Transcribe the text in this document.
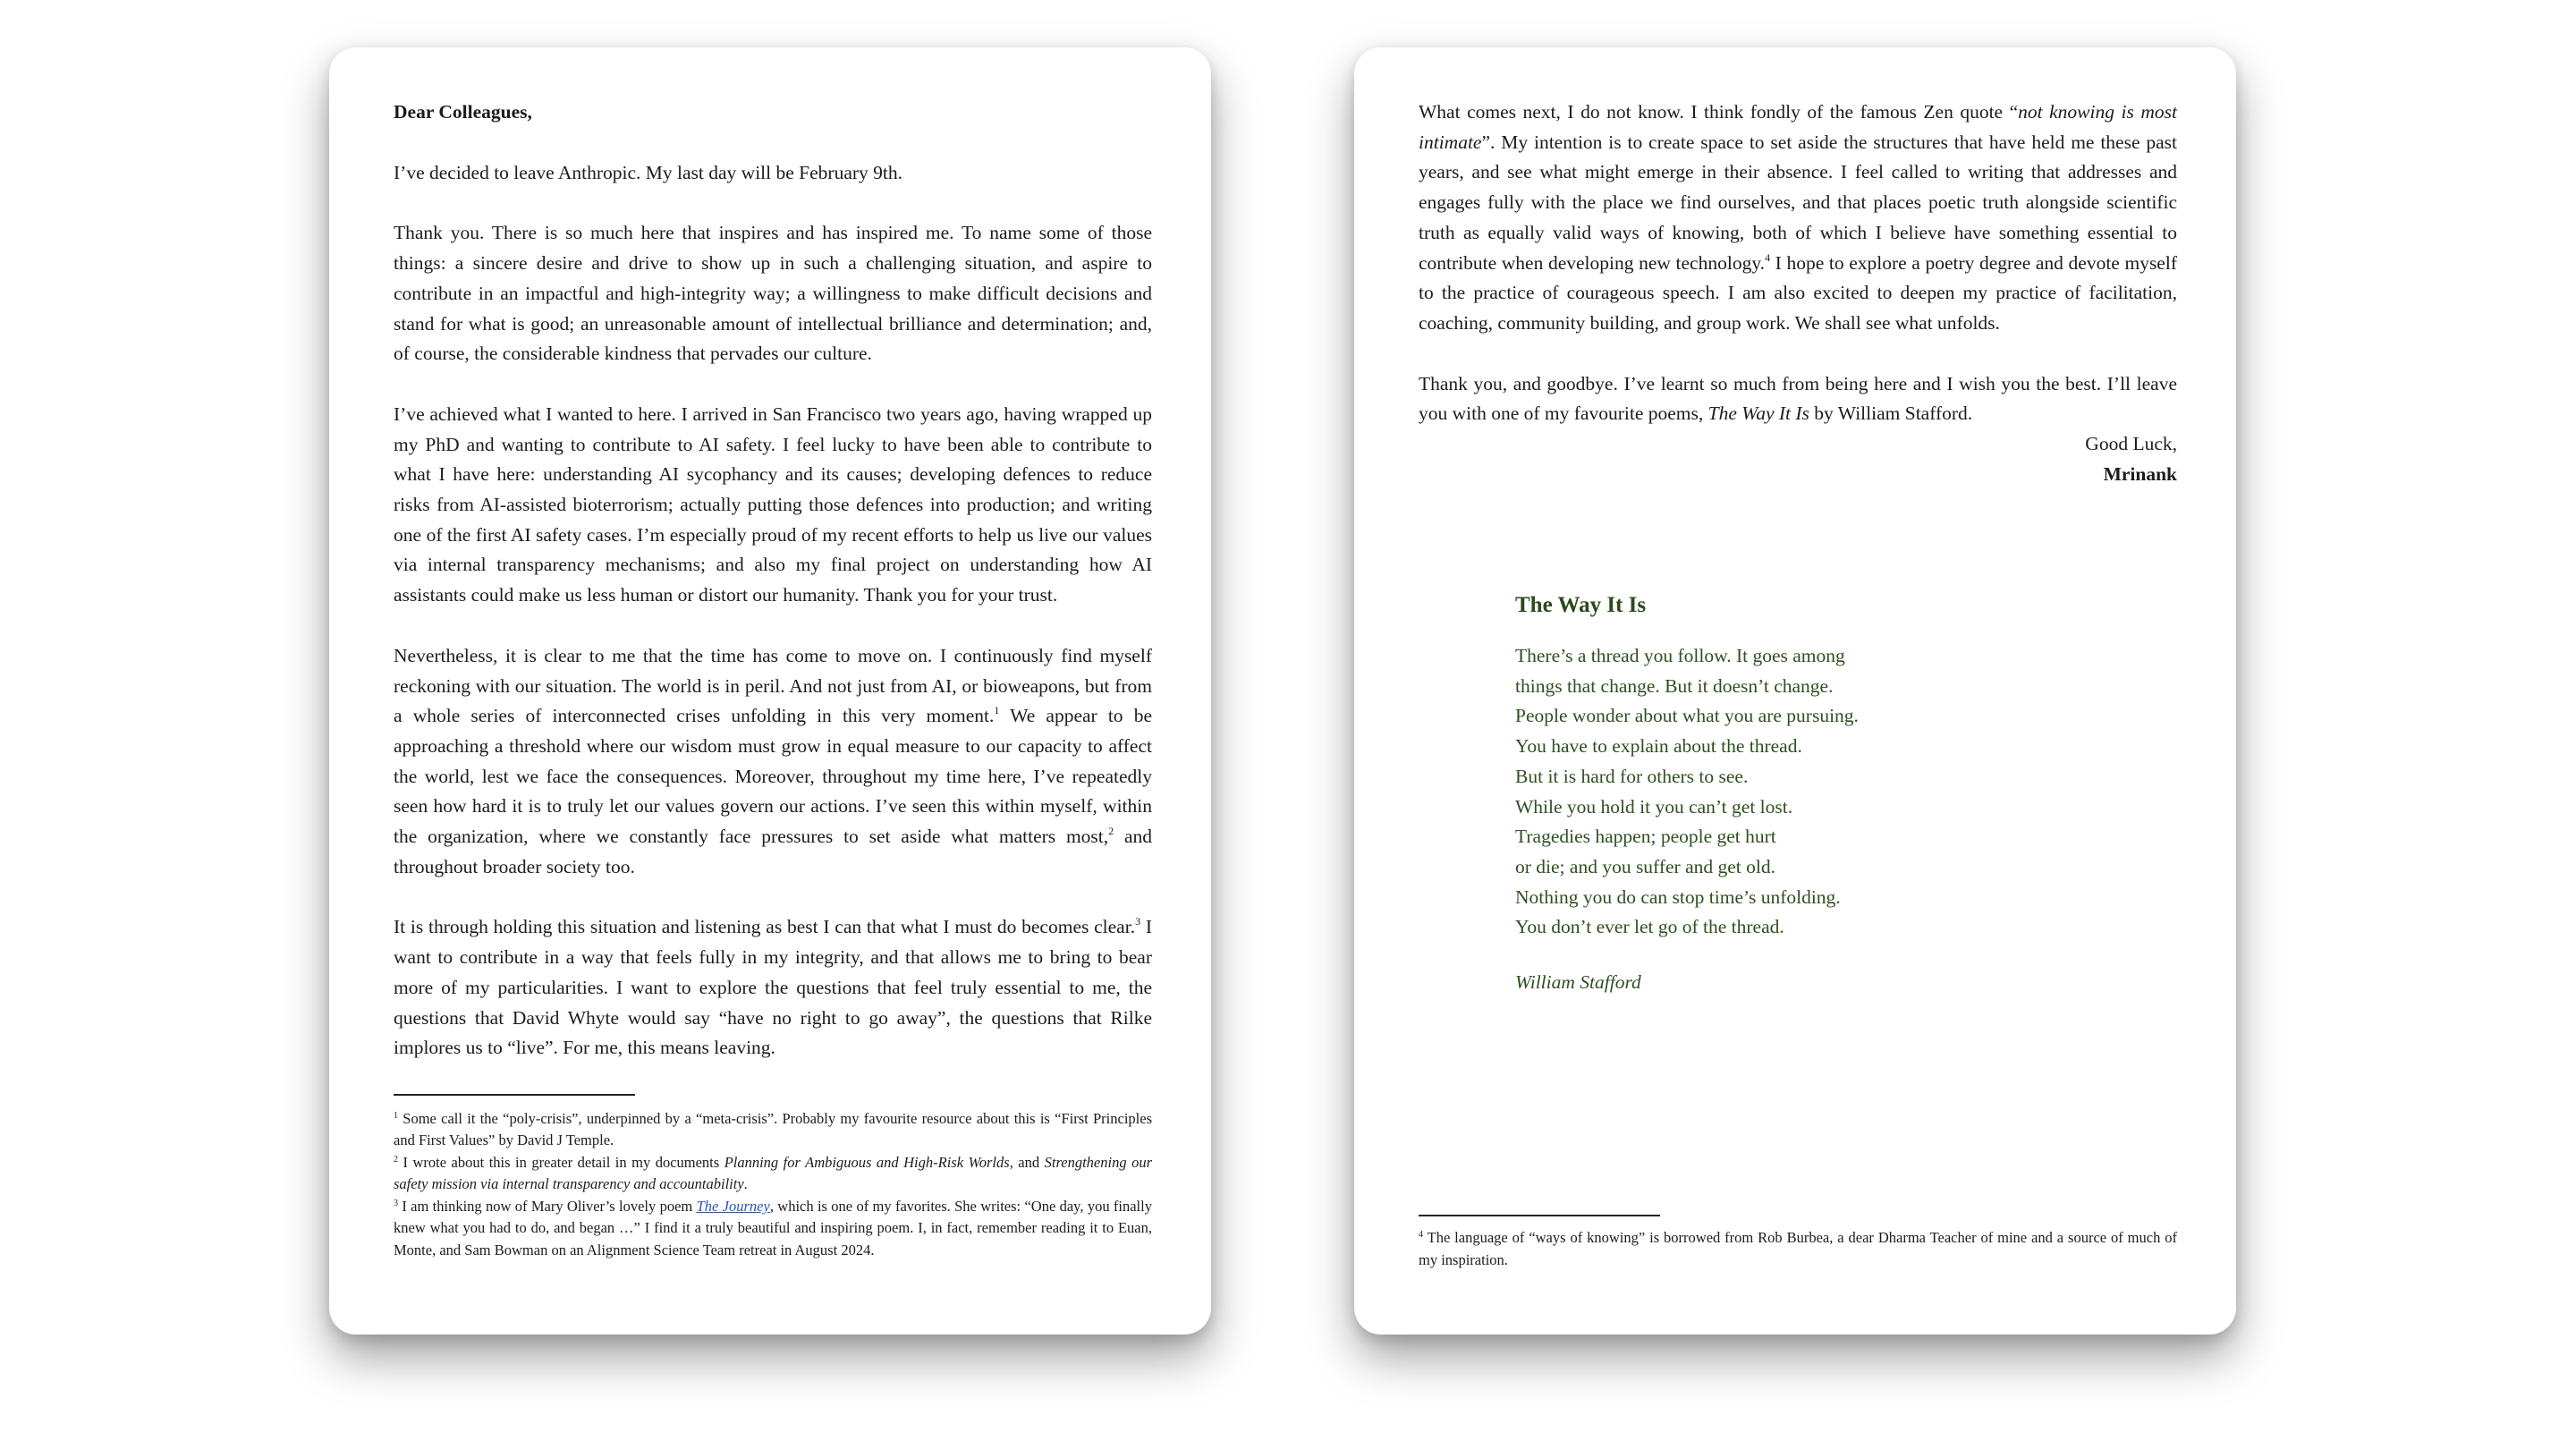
Dear Colleagues,

I’ve decided to leave Anthropic. My last day will be February 9th.

Thank you. There is so much here that inspires and has inspired me. To name some of those things: a sincere desire and drive to show up in such a challenging situation, and aspire to contribute in an impactful and high-integrity way; a willingness to make difficult decisions and stand for what is good; an unreasonable amount of intellectual brilliance and determination; and, of course, the considerable kindness that pervades our culture.

I’ve achieved what I wanted to here. I arrived in San Francisco two years ago, having wrapped up my PhD and wanting to contribute to AI safety. I feel lucky to have been able to contribute to what I have here: understanding AI sycophancy and its causes; developing defences to reduce risks from AI-assisted bioterrorism; actually putting those defences into production; and writing one of the first AI safety cases. I’m especially proud of my recent efforts to help us live our values via internal transparency mechanisms; and also my final project on understanding how AI assistants could make us less human or distort our humanity. Thank you for your trust.

Nevertheless, it is clear to me that the time has come to move on. I continuously find myself reckoning with our situation. The world is in peril. And not just from AI, or bioweapons, but from a whole series of interconnected crises unfolding in this very moment.$^1$ We appear to be approaching a threshold where our wisdom must grow in equal measure to our capacity to affect the world, lest we face the consequences. Moreover, throughout my time here, I’ve repeatedly seen how hard it is to truly let our values govern our actions. I’ve seen this within myself, within the organization, where we constantly face pressures to set aside what matters most,$^2$ and throughout broader society too.

It is through holding this situation and listening as best I can that what I must do becomes clear.$^3$ I want to contribute in a way that feels fully in my integrity, and that allows me to bring to bear more of my particularities. I want to explore the questions that feel truly essential to me, the questions that David Whyte would say “have no right to go away”, the questions that Rilke implores us to “live”. For me, this means leaving.

$^1$ Some call it the “poly-crisis”, underpinned by a “meta-crisis”. Probably my favourite resource about this is “First Principles and First Values” by David J Temple.

$^2$ I wrote about this in greater detail in my documents Planning for Ambiguous and High-Risk Worlds, and Strengthening our safety mission via internal transparency and accountability.

$^3$ I am thinking now of Mary Oliver’s lovely poem The Journey, which is one of my favorites. She writes: “One day, you finally knew what you had to do, and began …” I find it a truly beautiful and inspiring poem. I, in fact, remember reading it to Euan, Monte, and Sam Bowman on an Alignment Science Team retreat in August 2024.

What comes next, I do not know. I think fondly of the famous Zen quote “not knowing is most intimate”. My intention is to create space to set aside the structures that have held me these past years, and see what might emerge in their absence. I feel called to writing that addresses and engages fully with the place we find ourselves, and that places poetic truth alongside scientific truth as equally valid ways of knowing, both of which I believe have something essential to contribute when developing new technology.$^4$ I hope to explore a poetry degree and devote myself to the practice of courageous speech. I am also excited to deepen my practice of facilitation, coaching, community building, and group work. We shall see what unfolds.

Thank you, and goodbye. I’ve learnt so much from being here and I wish you the best. I’ll leave you with one of my favourite poems, The Way It Is by William Stafford.

Good Luck,

Mrinank

The Way It Is

There’s a thread you follow. It goes among

things that change. But it doesn’t change.

People wonder about what you are pursuing.

You have to explain about the thread.

But it is hard for others to see.

While you hold it you can’t get lost.

Tragedies happen; people get hurt

or die; and you suffer and get old.

Nothing you do can stop time’s unfolding.

You don’t ever let go of the thread.

William Stafford

$^4$ The language of “ways of knowing” is borrowed from Rob Burbea, a dear Dharma Teacher of mine and a source of much of my inspiration.
